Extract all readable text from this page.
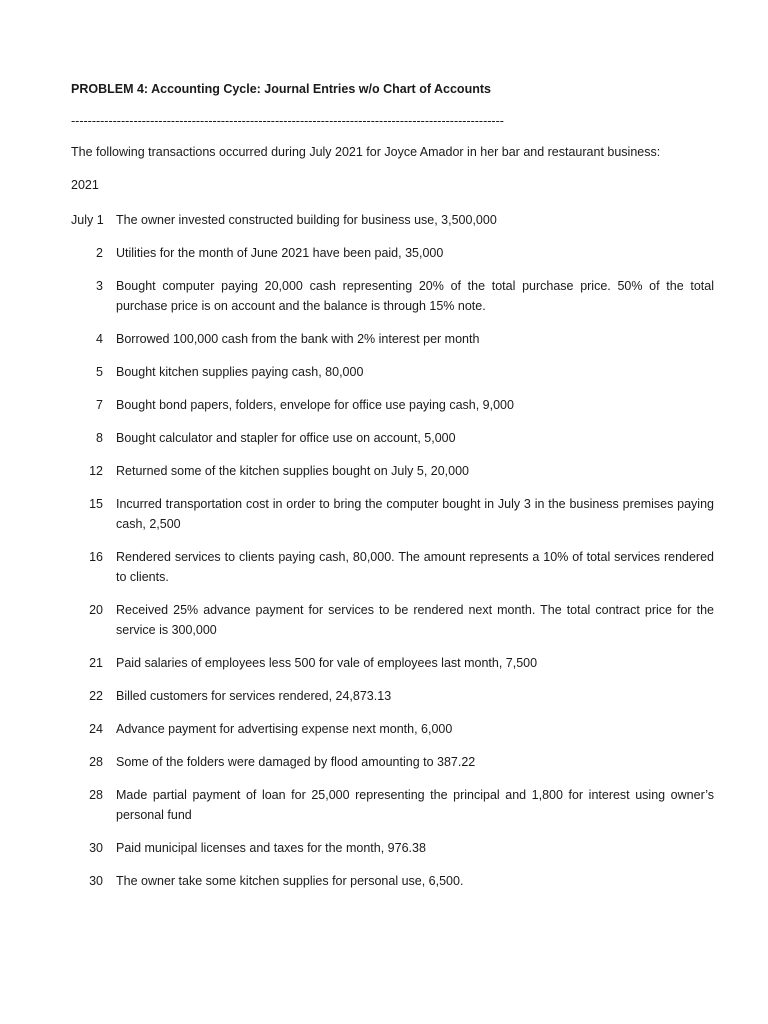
PROBLEM 4: Accounting Cycle: Journal Entries w/o Chart of Accounts
--------------------------------------------------------------------------------------------------------

The following transactions occurred during July 2021 for Joyce Amador in her bar and restaurant business:

2021
July 1 The owner invested constructed building for business use, 3,500,000
2 Utilities for the month of June 2021 have been paid, 35,000
3 Bought computer paying 20,000 cash representing 20% of the total purchase price. 50% of the total purchase price is on account and the balance is through 15% note.
4 Borrowed 100,000 cash from the bank with 2% interest per month
5 Bought kitchen supplies paying cash, 80,000
7 Bought bond papers, folders, envelope for office use paying cash, 9,000
8 Bought calculator and stapler for office use on account, 5,000
12 Returned some of the kitchen supplies bought on July 5, 20,000
15 Incurred transportation cost in order to bring the computer bought in July 3 in the business premises paying cash, 2,500
16 Rendered services to clients paying cash, 80,000. The amount represents a 10% of total services rendered to clients.
20 Received 25% advance payment for services to be rendered next month. The total contract price for the service is 300,000
21 Paid salaries of employees less 500 for vale of employees last month, 7,500
22 Billed customers for services rendered, 24,873.13
24 Advance payment for advertising expense next month, 6,000
28 Some of the folders were damaged by flood amounting to 387.22
28 Made partial payment of loan for 25,000 representing the principal and 1,800 for interest using owner’s personal fund
30 Paid municipal licenses and taxes for the month, 976.38
30 The owner take some kitchen supplies for personal use, 6,500.
